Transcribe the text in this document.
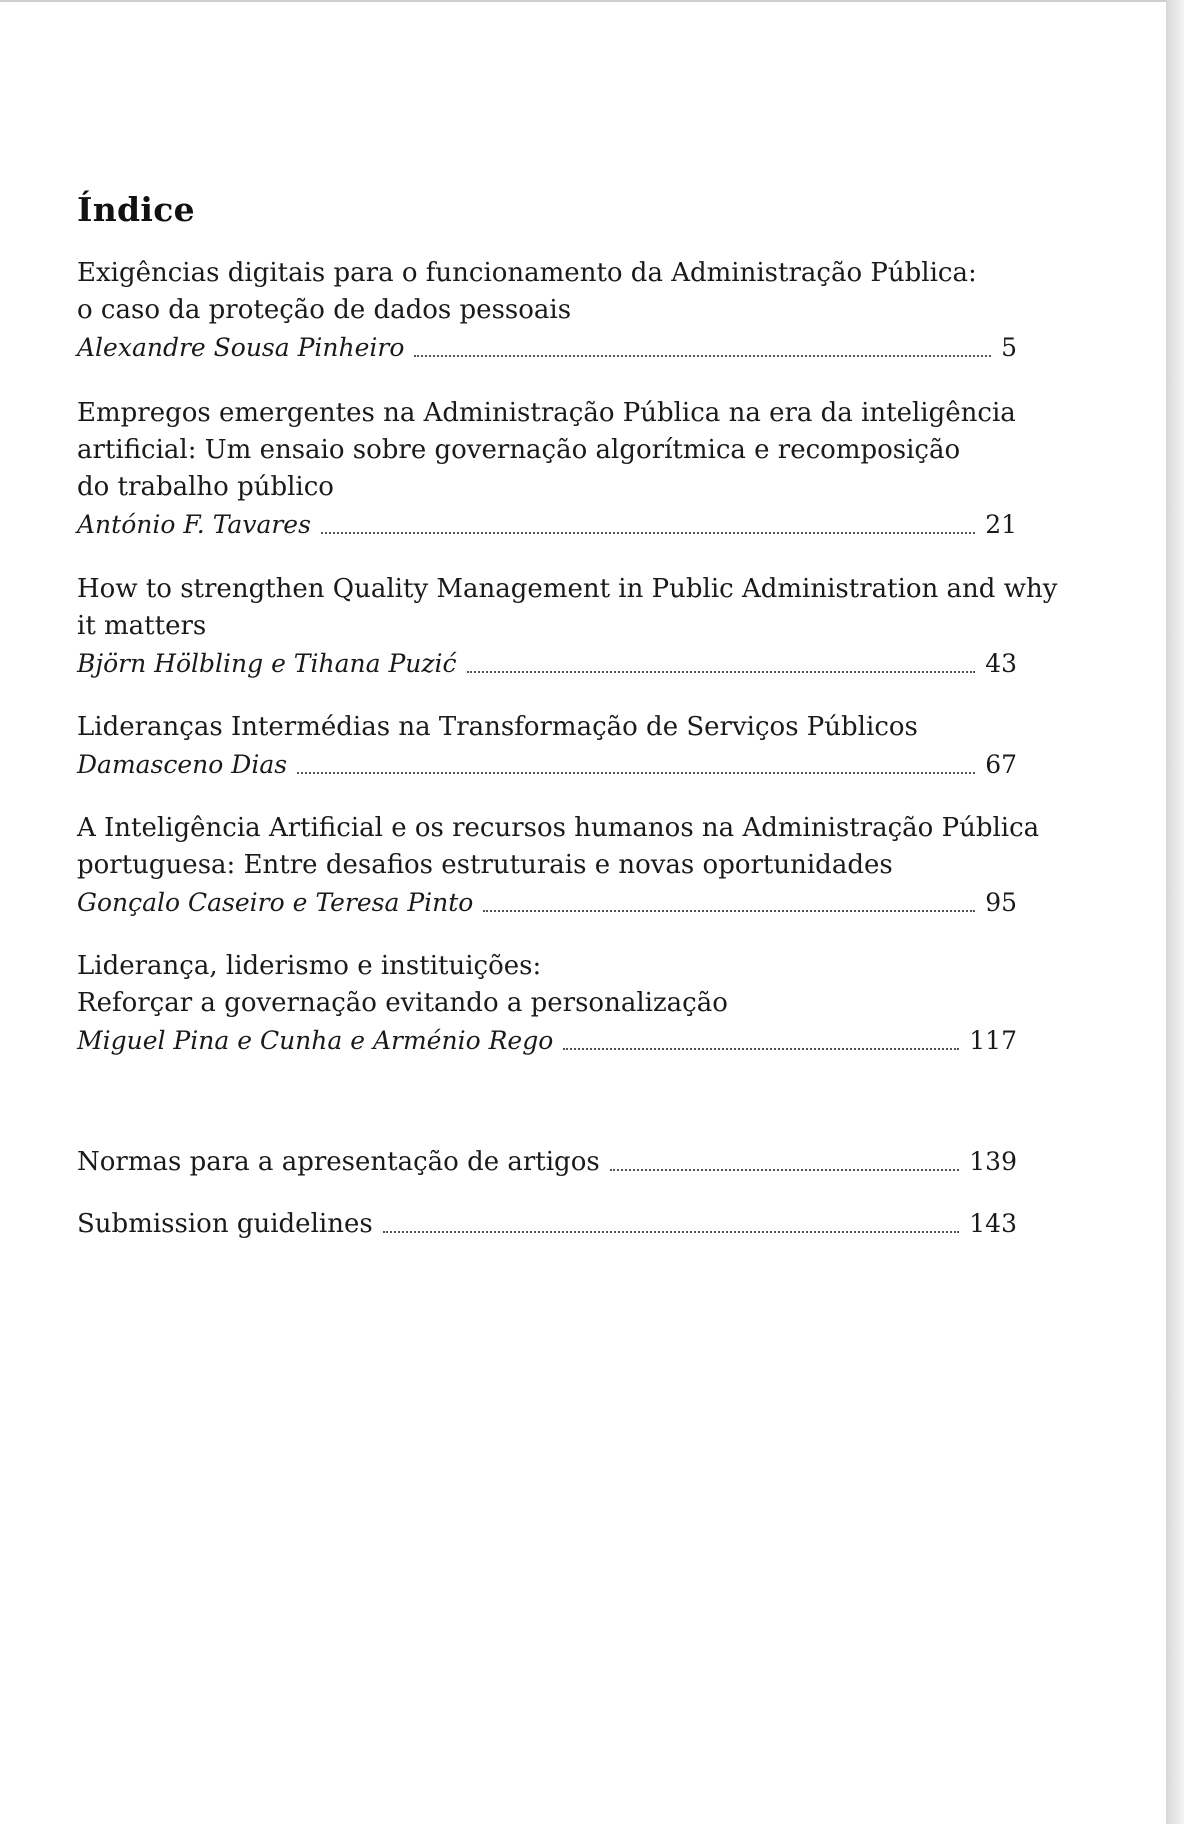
Índice
Exigências digitais para o funcionamento da Administração Pública:
o caso da proteção de dados pessoais
Alexandre Sousa Pinheiro	5
Empregos emergentes na Administração Pública na era da inteligência
artificial: Um ensaio sobre governação algorítmica e recomposição
do trabalho público
António F. Tavares	21
How to strengthen Quality Management in Public Administration and why
it matters
Björn Hölbling e Tihana Puzić	43
Lideranças Intermédias na Transformação de Serviços Públicos
Damasceno Dias	67
A Inteligência Artificial e os recursos humanos na Administração Pública
portuguesa: Entre desafios estruturais e novas oportunidades
Gonçalo Caseiro e Teresa Pinto	95
Liderança, liderismo e instituições:
Reforçar a governação evitando a personalização
Miguel Pina e Cunha e Arménio Rego	117
Normas para a apresentação de artigos	139
Submission guidelines	143
